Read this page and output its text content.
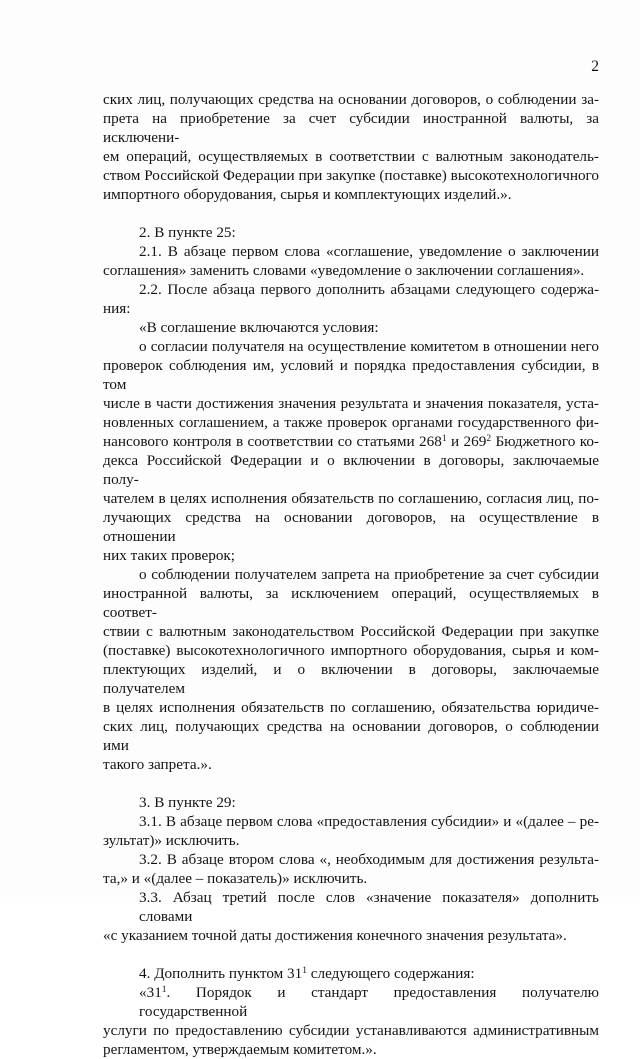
2
ских лиц, получающих средства на основании договоров, о соблюдении за-
прета на приобретение за счет субсидии иностранной валюты, за исключени-
ем операций, осуществляемых в соответствии с валютным законодатель-
ством Российской Федерации при закупке (поставке) высокотехнологичного
импортного оборудования, сырья и комплектующих изделий.».
2. В пункте 25:
2.1. В абзаце первом слова «соглашение, уведомление о заключении
соглашения» заменить словами «уведомление о заключении соглашения».
2.2. После абзаца первого дополнить абзацами следующего содержа-
ния:
«В соглашение включаются условия:
о согласии получателя на осуществление комитетом в отношении него
проверок соблюдения им, условий и порядка предоставления субсидии, в том
числе в части достижения значения результата и значения показателя, уста-
новленных соглашением, а также проверок органами государственного фи-
нансового контроля в соответствии со статьями $268^1$ и $269^2$ Бюджетного ко-
декса Российской Федерации и о включении в договоры, заключаемые полу-
чателем в целях исполнения обязательств по соглашению, согласия лиц, по-
лучающих средства на основании договоров, на осуществление в отношении
них таких проверок;
о соблюдении получателем запрета на приобретение за счет субсидии
иностранной валюты, за исключением операций, осуществляемых в соответ-
ствии с валютным законодательством Российской Федерации при закупке
(поставке) высокотехнологичного импортного оборудования, сырья и ком-
плектующих изделий, и о включении в договоры, заключаемые получателем
в целях исполнения обязательств по соглашению, обязательства юридиче-
ских лиц, получающих средства на основании договоров, о соблюдении ими
такого запрета.».
3. В пункте 29:
3.1. В абзаце первом слова «предоставления субсидии» и «(далее – ре-
зультат)» исключить.
3.2. В абзаце втором слова «, необходимым для достижения результа-
та,» и «(далее – показатель)» исключить.
3.3. Абзац третий после слов «значение показателя» дополнить словами
«с указанием точной даты достижения конечного значения результата».
4. Дополнить пунктом $31^1$ следующего содержания:
«$31^1$. Порядок и стандарт предоставления получателю государственной
услуги по предоставлению субсидии устанавливаются административным
регламентом, утверждаемым комитетом.».
